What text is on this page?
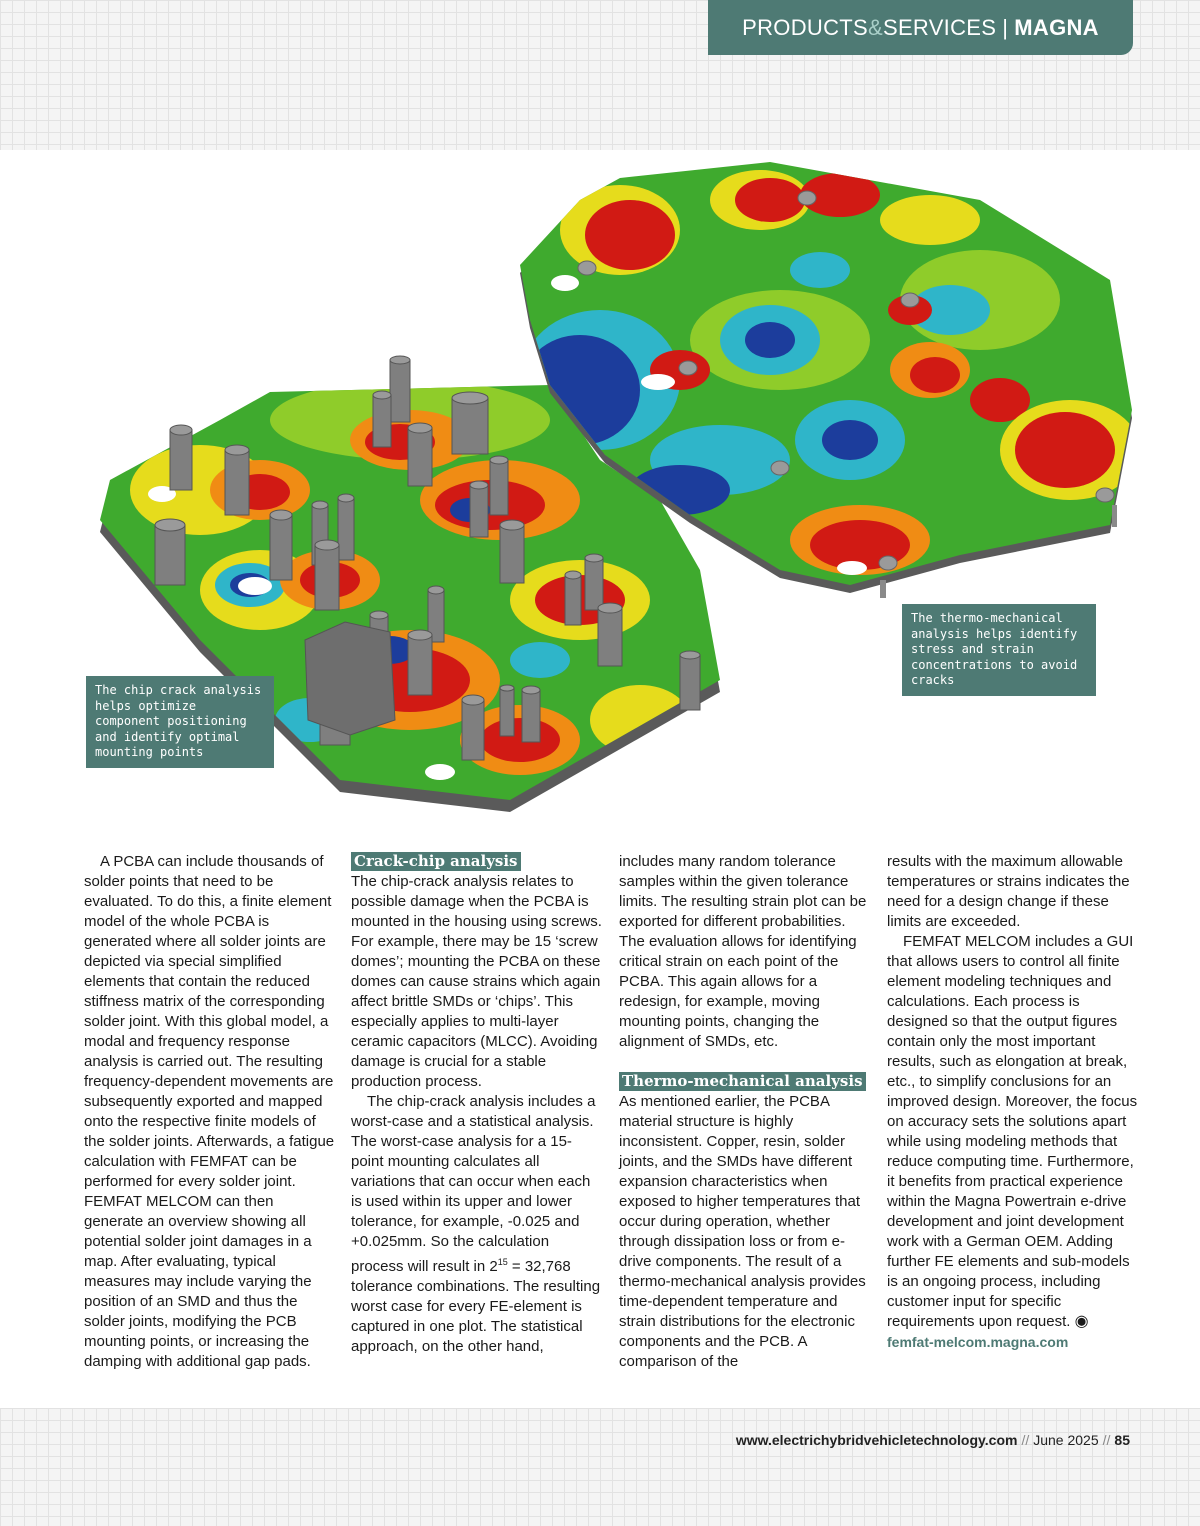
PRODUCTS & SERVICES | MAGNA
The chip crack analysis helps optimize component positioning and identify optimal mounting points
The thermo-mechanical analysis helps identify stress and strain concentrations to avoid cracks

A PCBA can include thousands of solder points that need to be evaluated. To do this, a finite element model of the whole PCBA is generated where all solder joints are depicted via special simplified elements that contain the reduced stiffness matrix of the corresponding solder joint. With this global model, a modal and frequency response analysis is carried out. The resulting frequency-dependent movements are subsequently exported and mapped onto the respective finite models of the solder joints. Afterwards, a fatigue calculation with FEMFAT can be performed for every solder joint. FEMFAT MELCOM can then generate an overview showing all potential solder joint damages in a map. After evaluating, typical measures may include varying the position of an SMD and thus the solder joints, modifying the PCB mounting points, or increasing the damping with additional gap pads.

Crack-chip analysis

The chip-crack analysis relates to possible damage when the PCBA is mounted in the housing using screws. For example, there may be 15 ‘screw domes’; mounting the PCBA on these domes can cause strains which again affect brittle SMDs or ‘chips’. This especially applies to multi-layer ceramic capacitors (MLCC). Avoiding damage is crucial for a stable production process.

The chip-crack analysis includes a worst-case and a statistical analysis. The worst-case analysis for a 15-point mounting calculates all variations that can occur when each is used within its upper and lower tolerance, for example, -0.025 and +0.025mm. So the calculation process will result in $2^{15} = 32,768$ tolerance combinations. The resulting worst case for every FE-element is captured in one plot. The statistical approach, on the other hand,

includes many random tolerance samples within the given tolerance limits. The resulting strain plot can be exported for different probabilities. The evaluation allows for identifying critical strain on each point of the PCBA. This again allows for a redesign, for example, moving mounting points, changing the alignment of SMDs, etc.

Thermo-mechanical analysis

As mentioned earlier, the PCBA material structure is highly inconsistent. Copper, resin, solder joints, and the SMDs have different expansion characteristics when exposed to higher temperatures that occur during operation, whether through dissipation loss or from e-drive components. The result of a thermo-mechanical analysis provides time-dependent temperature and strain distributions for the electronic components and the PCB. A comparison of the

results with the maximum allowable temperatures or strains indicates the need for a design change if these limits are exceeded.

FEMFAT MELCOM includes a GUI that allows users to control all finite element modeling techniques and calculations. Each process is designed so that the output figures contain only the most important results, such as elongation at break, etc., to simplify conclusions for an improved design. Moreover, the focus on accuracy sets the solutions apart while using modeling methods that reduce computing time. Furthermore, it benefits from practical experience within the Magna Powertrain e-drive development and joint development work with a German OEM. Adding further FE elements and sub-models is an ongoing process, including customer input for specific requirements upon request. ◉

femfat-melcom.magna.com
www.electrichybridvehicletechnology.com // June 2025 // 85
